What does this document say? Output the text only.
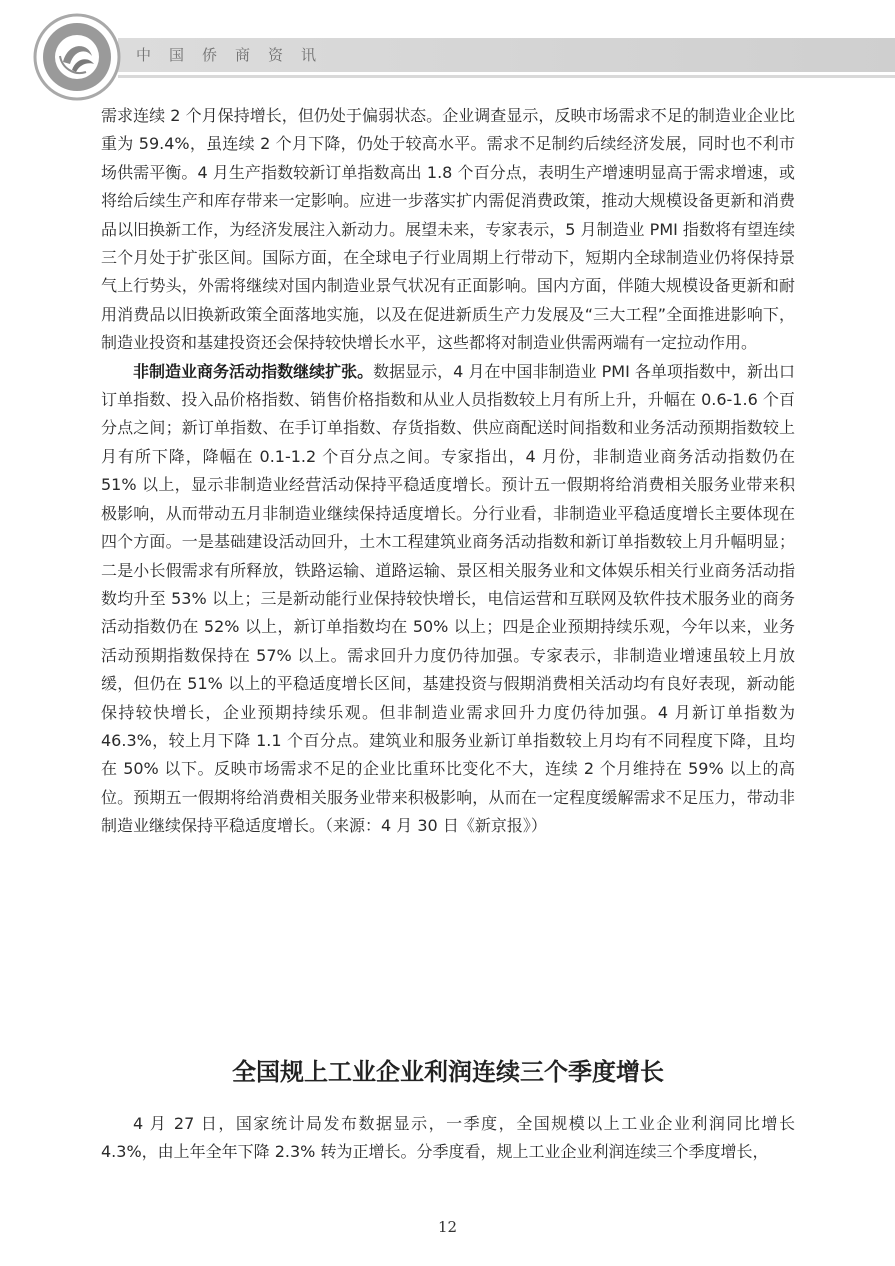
中国侨商资讯

需求连续 2 个月保持增长，但仍处于偏弱状态。企业调查显示，反映市场需求不足的制造业企业比重为 59.4%，虽连续 2 个月下降，仍处于较高水平。需求不足制约后续经济发展，同时也不利市场供需平衡。4 月生产指数较新订单指数高出 1.8 个百分点，表明生产增速明显高于需求增速，或将给后续生产和库存带来一定影响。应进一步落实扩内需促消费政策，推动大规模设备更新和消费品以旧换新工作，为经济发展注入新动力。展望未来，专家表示，5 月制造业 PMI 指数将有望连续三个月处于扩张区间。国际方面，在全球电子行业周期上行带动下，短期内全球制造业仍将保持景气上行势头，外需将继续对国内制造业景气状况有正面影响。国内方面，伴随大规模设备更新和耐用消费品以旧换新政策全面落地实施，以及在促进新质生产力发展及“三大工程”全面推进影响下，制造业投资和基建投资还会保持较快增长水平，这些都将对制造业供需两端有一定拉动作用。

非制造业商务活动指数继续扩张。数据显示，4 月在中国非制造业 PMI 各单项指数中，新出口订单指数、投入品价格指数、销售价格指数和从业人员指数较上月有所上升，升幅在 0.6-1.6 个百分点之间；新订单指数、在手订单指数、存货指数、供应商配送时间指数和业务活动预期指数较上月有所下降，降幅在 0.1-1.2 个百分点之间。专家指出，4 月份，非制造业商务活动指数仍在 51% 以上，显示非制造业经营活动保持平稳适度增长。预计五一假期将给消费相关服务业带来积极影响，从而带动五月非制造业继续保持适度增长。分行业看，非制造业平稳适度增长主要体现在四个方面。一是基础建设活动回升，土木工程建筑业商务活动指数和新订单指数较上月升幅明显；二是小长假需求有所释放，铁路运输、道路运输、景区相关服务业和文体娱乐相关行业商务活动指数均升至 53% 以上；三是新动能行业保持较快增长，电信运营和互联网及软件技术服务业的商务活动指数仍在 52% 以上，新订单指数均在 50% 以上；四是企业预期持续乐观，今年以来，业务活动预期指数保持在 57% 以上。需求回升力度仍待加强。专家表示，非制造业增速虽较上月放缓，但仍在 51% 以上的平稳适度增长区间，基建投资与假期消费相关活动均有良好表现，新动能保持较快增长，企业预期持续乐观。但非制造业需求回升力度仍待加强。4 月新订单指数为 46.3%，较上月下降 1.1 个百分点。建筑业和服务业新订单指数较上月均有不同程度下降，且均在 50% 以下。反映市场需求不足的企业比重环比变化不大，连续 2 个月维持在 59% 以上的高位。预期五一假期将给消费相关服务业带来积极影响，从而在一定程度缓解需求不足压力，带动非制造业继续保持平稳适度增长。（来源：4 月 30 日《新京报》）

全国规上工业企业利润连续三个季度增长

4 月 27 日，国家统计局发布数据显示，一季度，全国规模以上工业企业利润同比增长 4.3%，由上年全年下降 2.3% 转为正增长。分季度看，规上工业企业利润连续三个季度增长，

12
